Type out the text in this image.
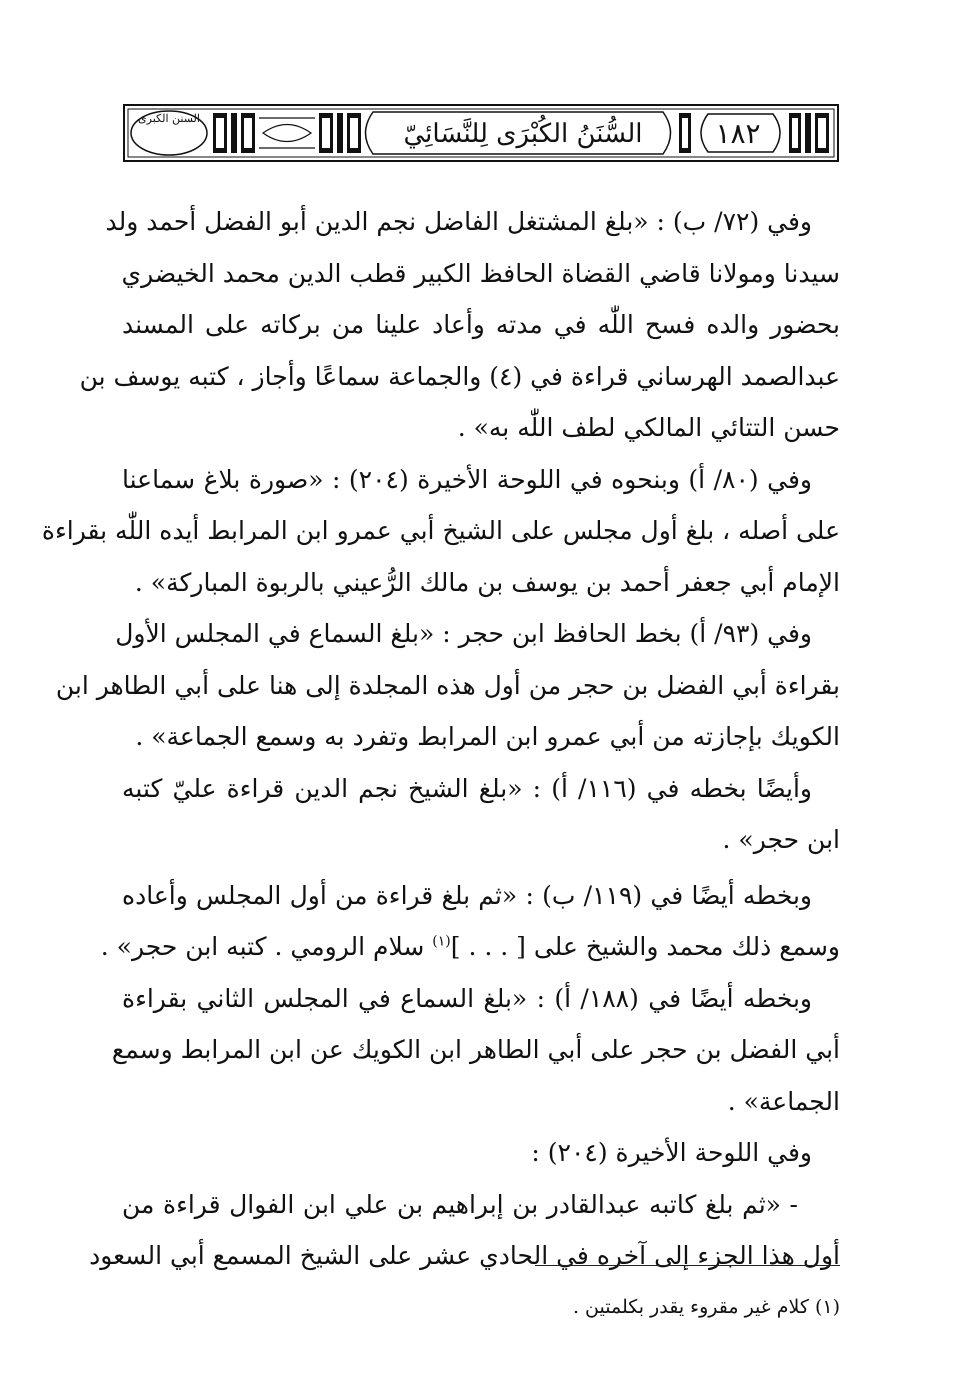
السنن الكبرى
السُّنَنُ الكُبْرَى لِلنَّسَائِيّ	١٨٢
وفي (٧٢/ ب) : «بلغ المشتغل الفاضل نجم الدين أبو الفضل أحمد ولد
سيدنا ومولانا قاضي القضاة الحافظ الكبير قطب الدين محمد الخيضري
بحضور والده فسح اللّٰه في مدته وأعاد علينا من بركاته على المسند
عبدالصمد الهرساني قراءة في (٤) والجماعة سماعًا وأجاز ، كتبه يوسف بن
حسن التتائي المالكي لطف اللّٰه به» .
وفي (٨٠/ أ) وبنحوه في اللوحة الأخيرة (٢٠٤) : «صورة بلاغ سماعنا
على أصله ، بلغ أول مجلس على الشيخ أبي عمرو ابن المرابط أيده اللّٰه بقراءة
الإمام أبي جعفر أحمد بن يوسف بن مالك الرُّعيني بالربوة المباركة» .
وفي (٩٣/ أ) بخط الحافظ ابن حجر : «بلغ السماع في المجلس الأول
بقراءة أبي الفضل بن حجر من أول هذه المجلدة إلى هنا على أبي الطاهر ابن
الكويك بإجازته من أبي عمرو ابن المرابط وتفرد به وسمع الجماعة» .
وأيضًا بخطه في (١١٦/ أ) : «بلغ الشيخ نجم الدين قراءة عليّ كتبه
ابن حجر» .
وبخطه أيضًا في (١١٩/ ب) : «ثم بلغ قراءة من أول المجلس وأعاده
وسمع ذلك محمد والشيخ على [ . . . ]$^{(١)}$ سلام الرومي . كتبه ابن حجر» .
وبخطه أيضًا في (١٨٨/ أ) : «بلغ السماع في المجلس الثاني بقراءة
أبي الفضل بن حجر على أبي الطاهر ابن الكويك عن ابن المرابط وسمع
الجماعة» .
وفي اللوحة الأخيرة (٢٠٤) :
- «ثم بلغ كاتبه عبدالقادر بن إبراهيم بن علي ابن الفوال قراءة من
أول هذا الجزء إلى آخره في الحادي عشر على الشيخ المسمع أبي السعود
(١) كلام غير مقروء يقدر بكلمتين .
